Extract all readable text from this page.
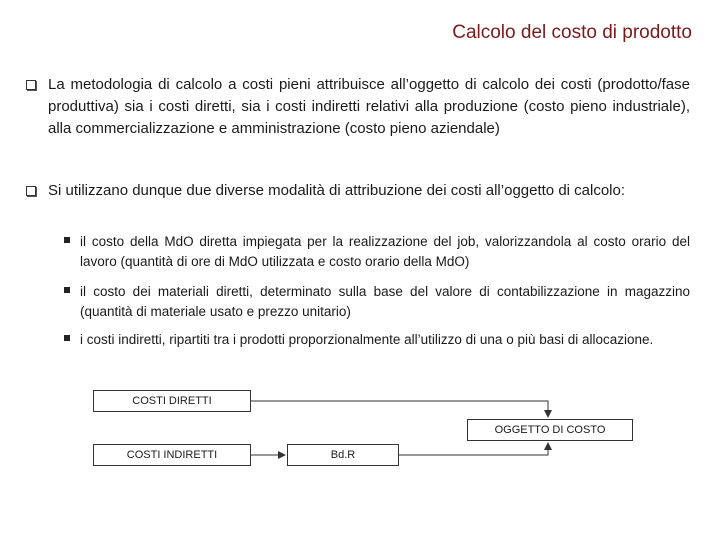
Calcolo del costo di prodotto
La metodologia di calcolo a costi pieni attribuisce all’oggetto di calcolo dei costi (prodotto/fase produttiva) sia i costi diretti, sia i costi indiretti relativi alla produzione (costo pieno industriale), alla commercializzazione e amministrazione (costo pieno aziendale)
Si utilizzano dunque due diverse modalità di attribuzione dei costi all’oggetto di calcolo:
il costo della MdO diretta impiegata per la realizzazione del job, valorizzandola al costo orario del lavoro (quantità di ore di MdO utilizzata e costo orario della MdO)
il costo dei materiali diretti, determinato sulla base del valore di contabilizzazione in magazzino (quantità di materiale usato e prezzo unitario)
i costi indiretti, ripartiti tra i prodotti proporzionalmente all’utilizzo di una o più basi di allocazione.
COSTI DIRETTI
OGGETTO DI COSTO
COSTI INDIRETTI	Bd.R
